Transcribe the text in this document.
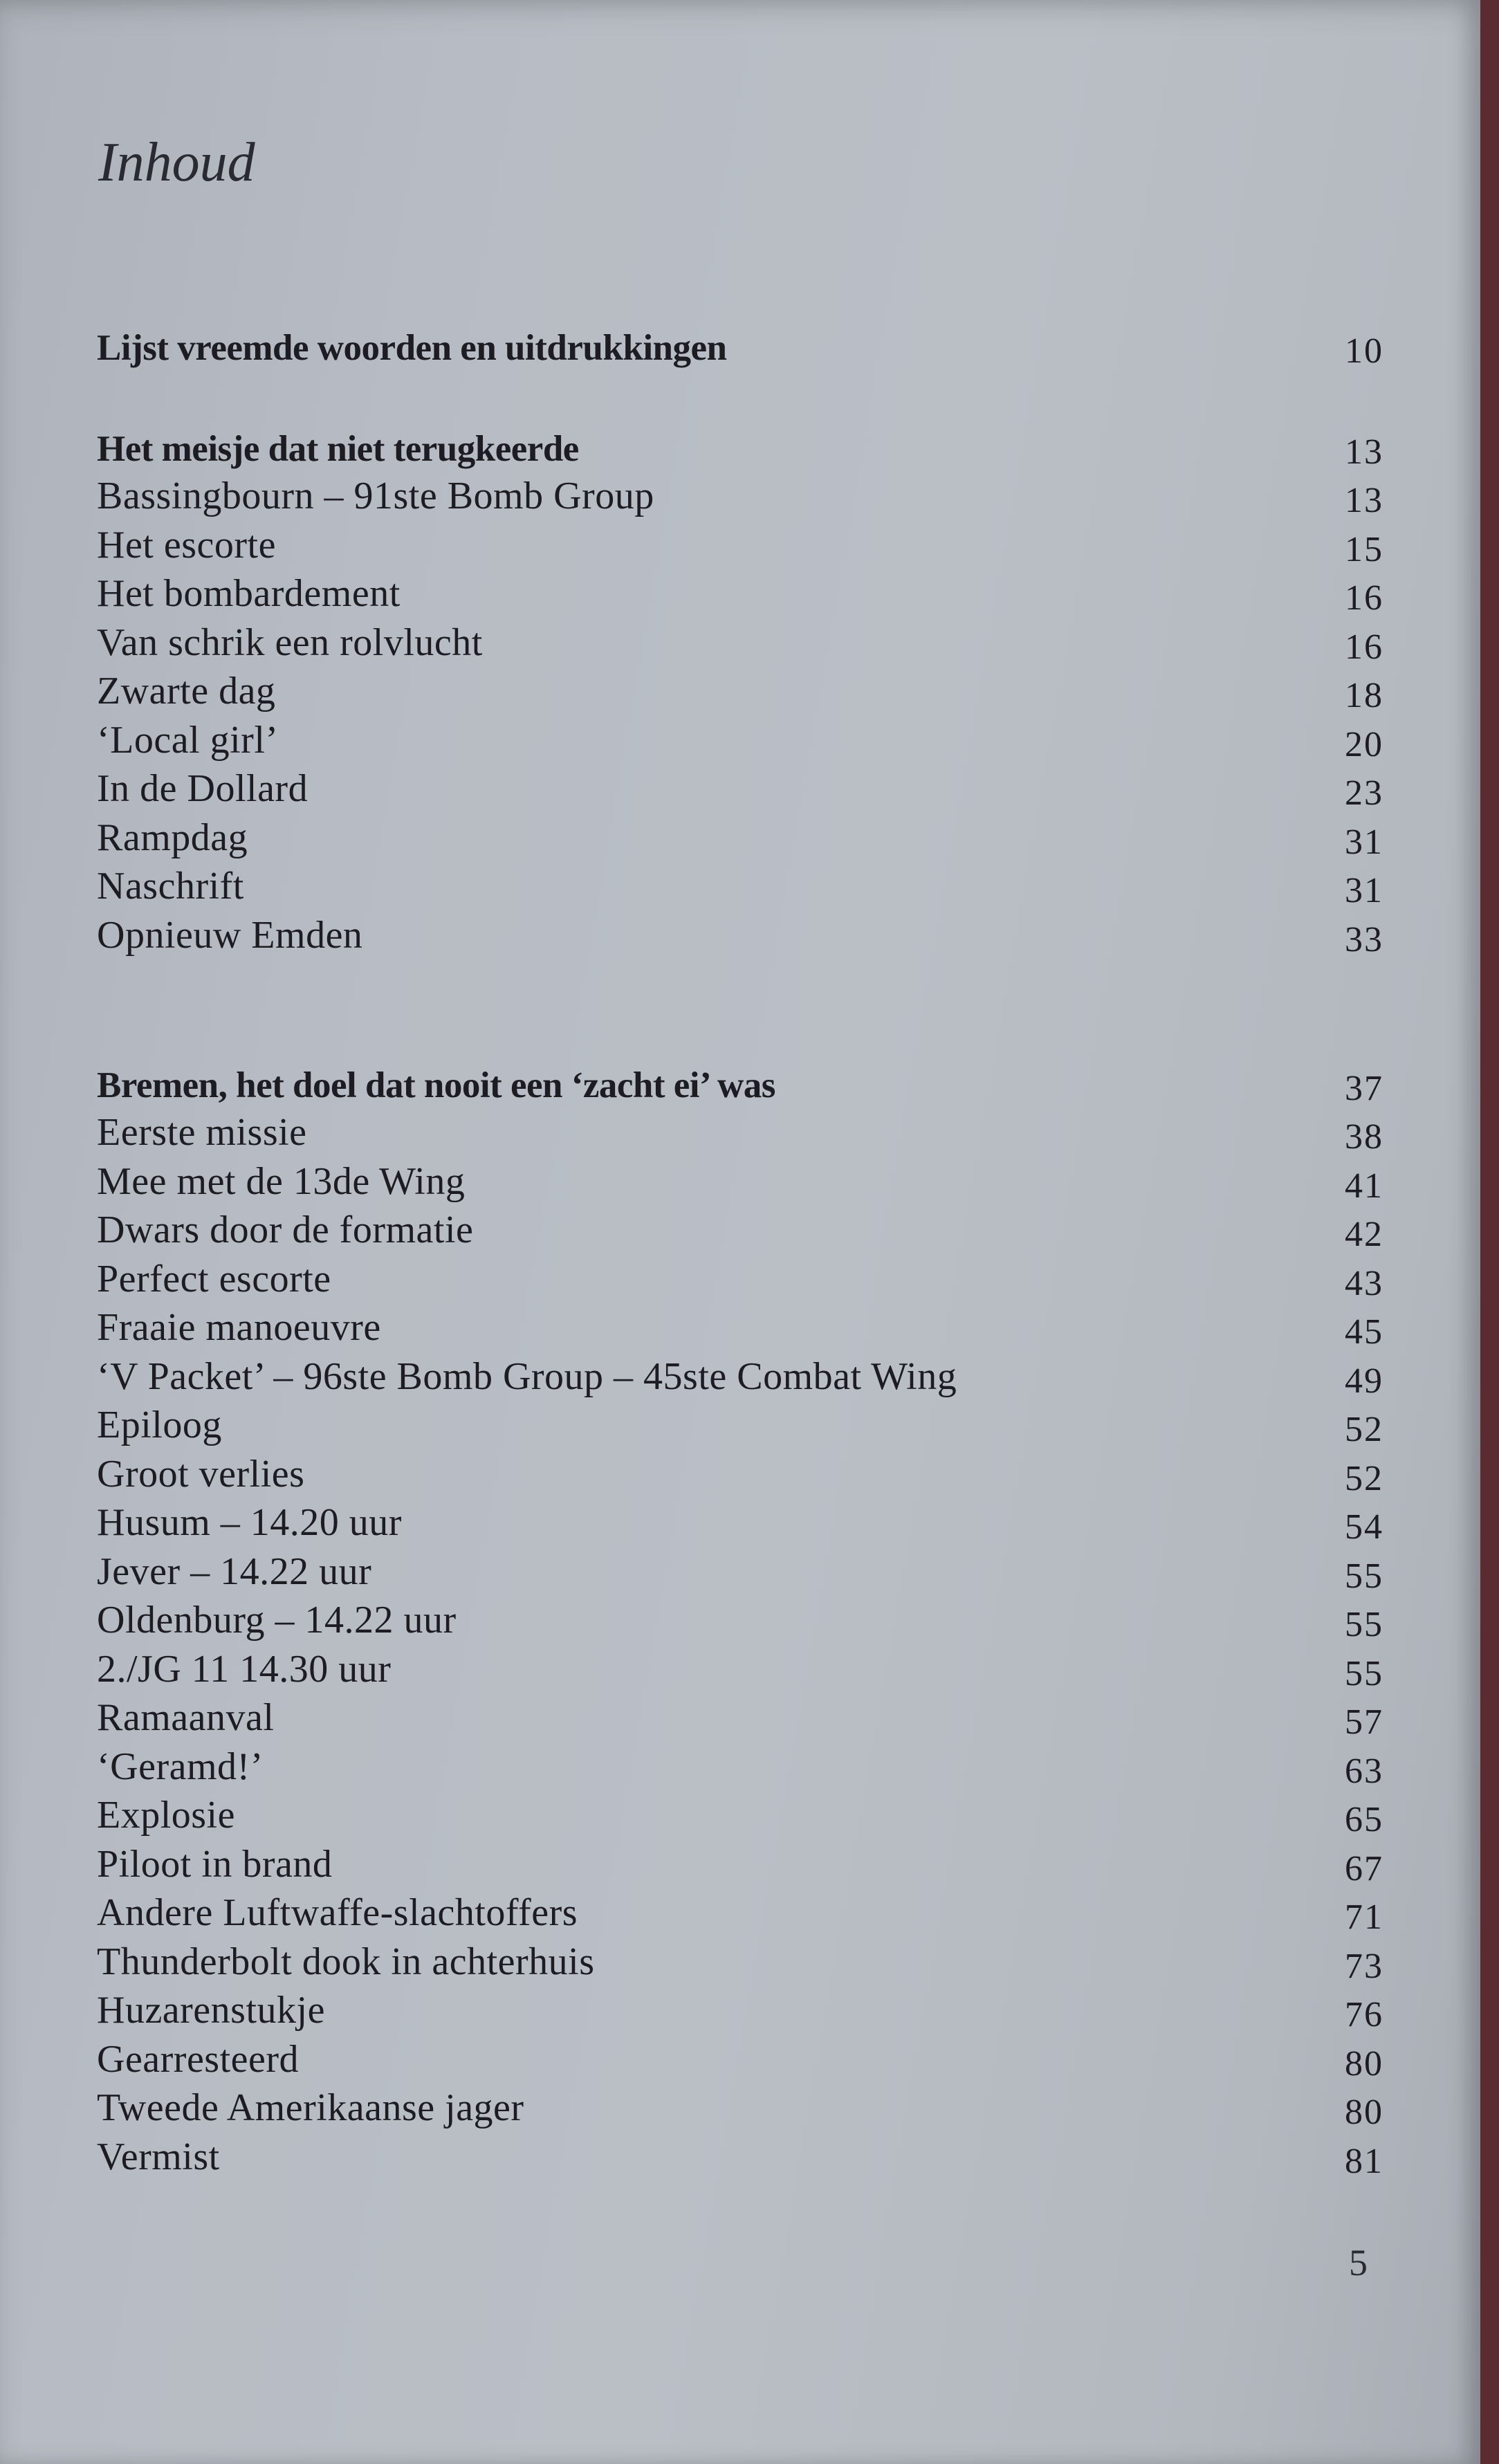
Inhoud
Lijst vreemde woorden en uitdrukkingen	10
Het meisje dat niet terugkeerde	13
Bassingbourn – 91ste Bomb Group	13
Het escorte	15
Het bombardement	16
Van schrik een rolvlucht	16
Zwarte dag	18
‘Local girl’	20
In de Dollard	23
Rampdag	31
Naschrift	31
Opnieuw Emden	33
Bremen, het doel dat nooit een ‘zacht ei’ was	37
Eerste missie	38
Mee met de 13de Wing	41
Dwars door de formatie	42
Perfect escorte	43
Fraaie manoeuvre	45
‘V Packet’ – 96ste Bomb Group – 45ste Combat Wing	49
Epiloog	52
Groot verlies	52
Husum – 14.20 uur	54
Jever – 14.22 uur	55
Oldenburg – 14.22 uur	55
2./JG 11 14.30 uur	55
Ramaanval	57
‘Geramd!’	63
Explosie	65
Piloot in brand	67
Andere Luftwaffe-slachtoffers	71
Thunderbolt dook in achterhuis	73
Huzarenstukje	76
Gearresteerd	80
Tweede Amerikaanse jager	80
Vermist	81
5
